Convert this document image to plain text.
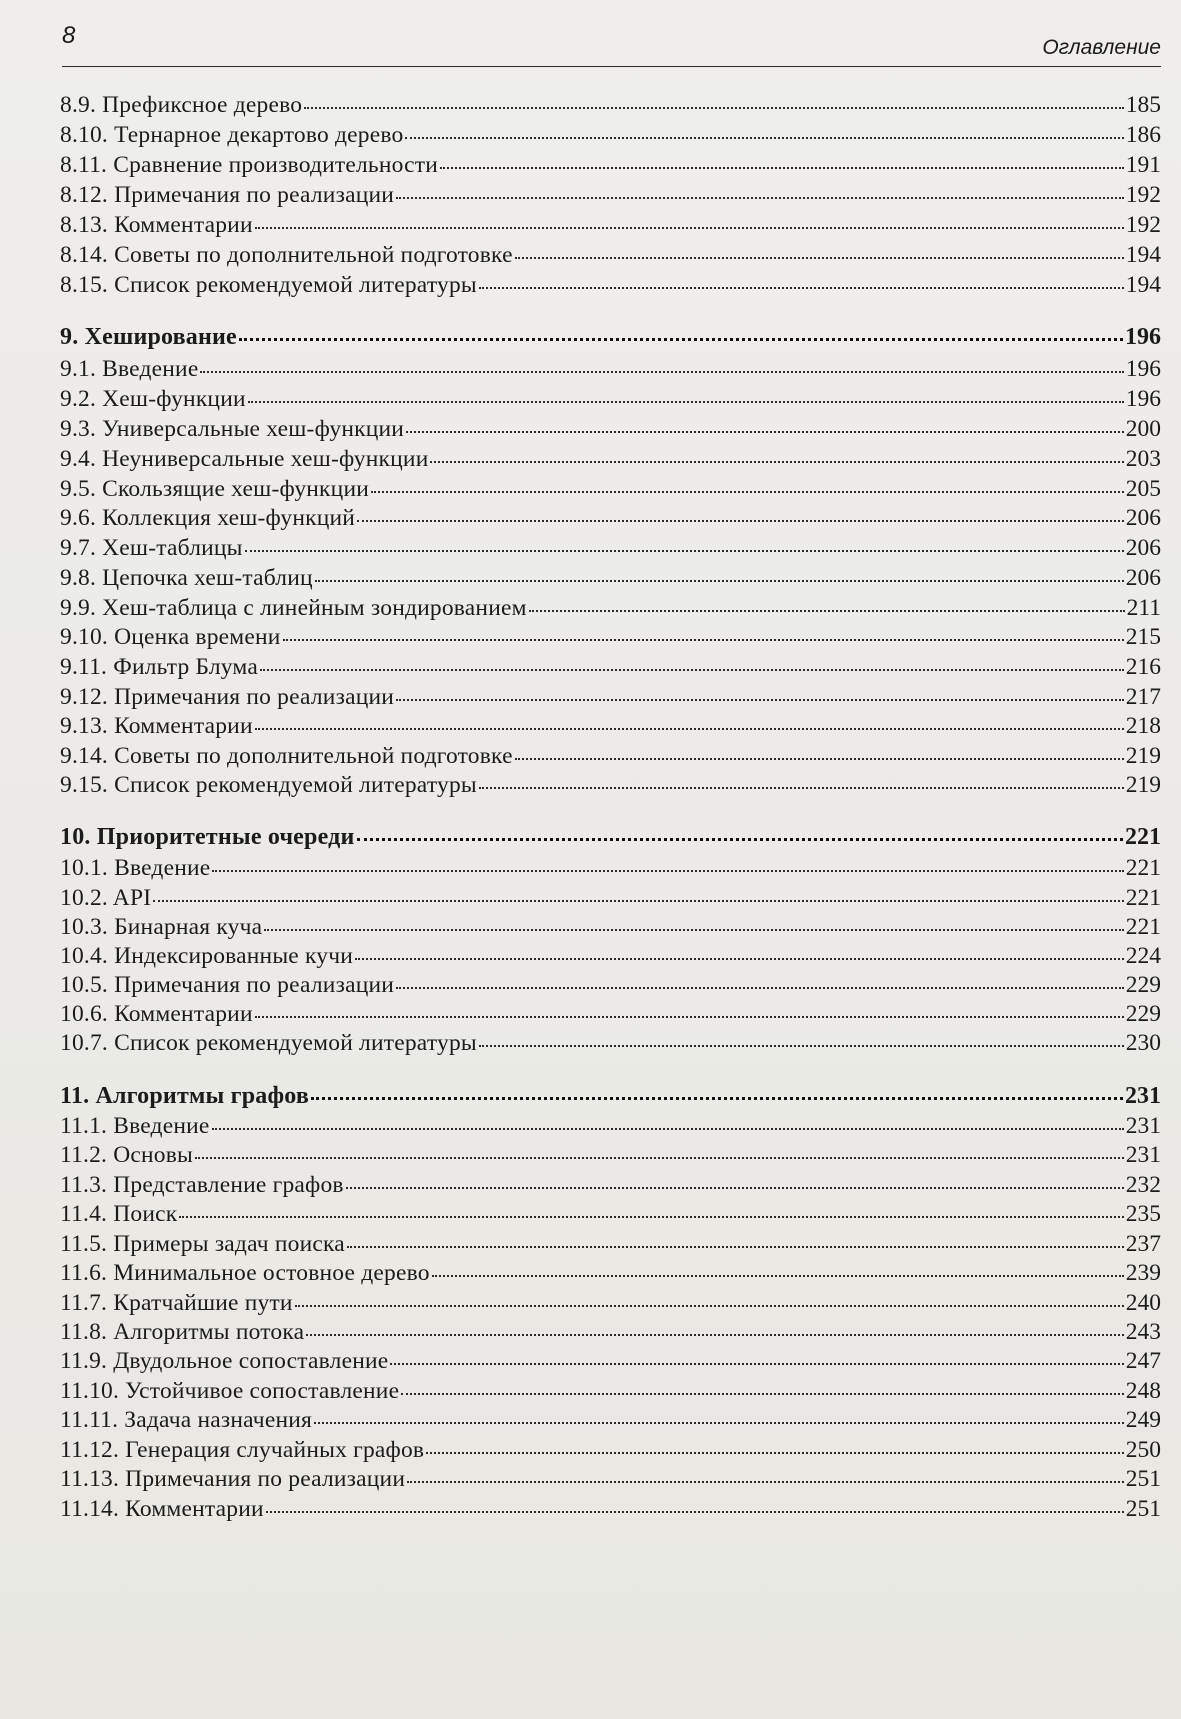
8	Оглавление
8.9. Префиксное дерево	185
8.10. Тернарное декартово дерево	186
8.11. Сравнение производительности	191
8.12. Примечания по реализации	192
8.13. Комментарии	192
8.14. Советы по дополнительной подготовке	194
8.15. Список рекомендуемой литературы	194
9. Хеширование	196
9.1. Введение	196
9.2. Хеш-функции	196
9.3. Универсальные хеш-функции	200
9.4. Неуниверсальные хеш-функции	203
9.5. Скользящие хеш-функции	205
9.6. Коллекция хеш-функций	206
9.7. Хеш-таблицы	206
9.8. Цепочка хеш-таблиц	206
9.9. Хеш-таблица с линейным зондированием	211
9.10. Оценка времени	215
9.11. Фильтр Блума	216
9.12. Примечания по реализации	217
9.13. Комментарии	218
9.14. Советы по дополнительной подготовке	219
9.15. Список рекомендуемой литературы	219
10. Приоритетные очереди	221
10.1. Введение	221
10.2. API	221
10.3. Бинарная куча	221
10.4. Индексированные кучи	224
10.5. Примечания по реализации	229
10.6. Комментарии	229
10.7. Список рекомендуемой литературы	230
11. Алгоритмы графов	231
11.1. Введение	231
11.2. Основы	231
11.3. Представление графов	232
11.4. Поиск	235
11.5. Примеры задач поиска	237
11.6. Минимальное остовное дерево	239
11.7. Кратчайшие пути	240
11.8. Алгоритмы потока	243
11.9. Двудольное сопоставление	247
11.10. Устойчивое сопоставление	248
11.11. Задача назначения	249
11.12. Генерация случайных графов	250
11.13. Примечания по реализации	251
11.14. Комментарии	251
